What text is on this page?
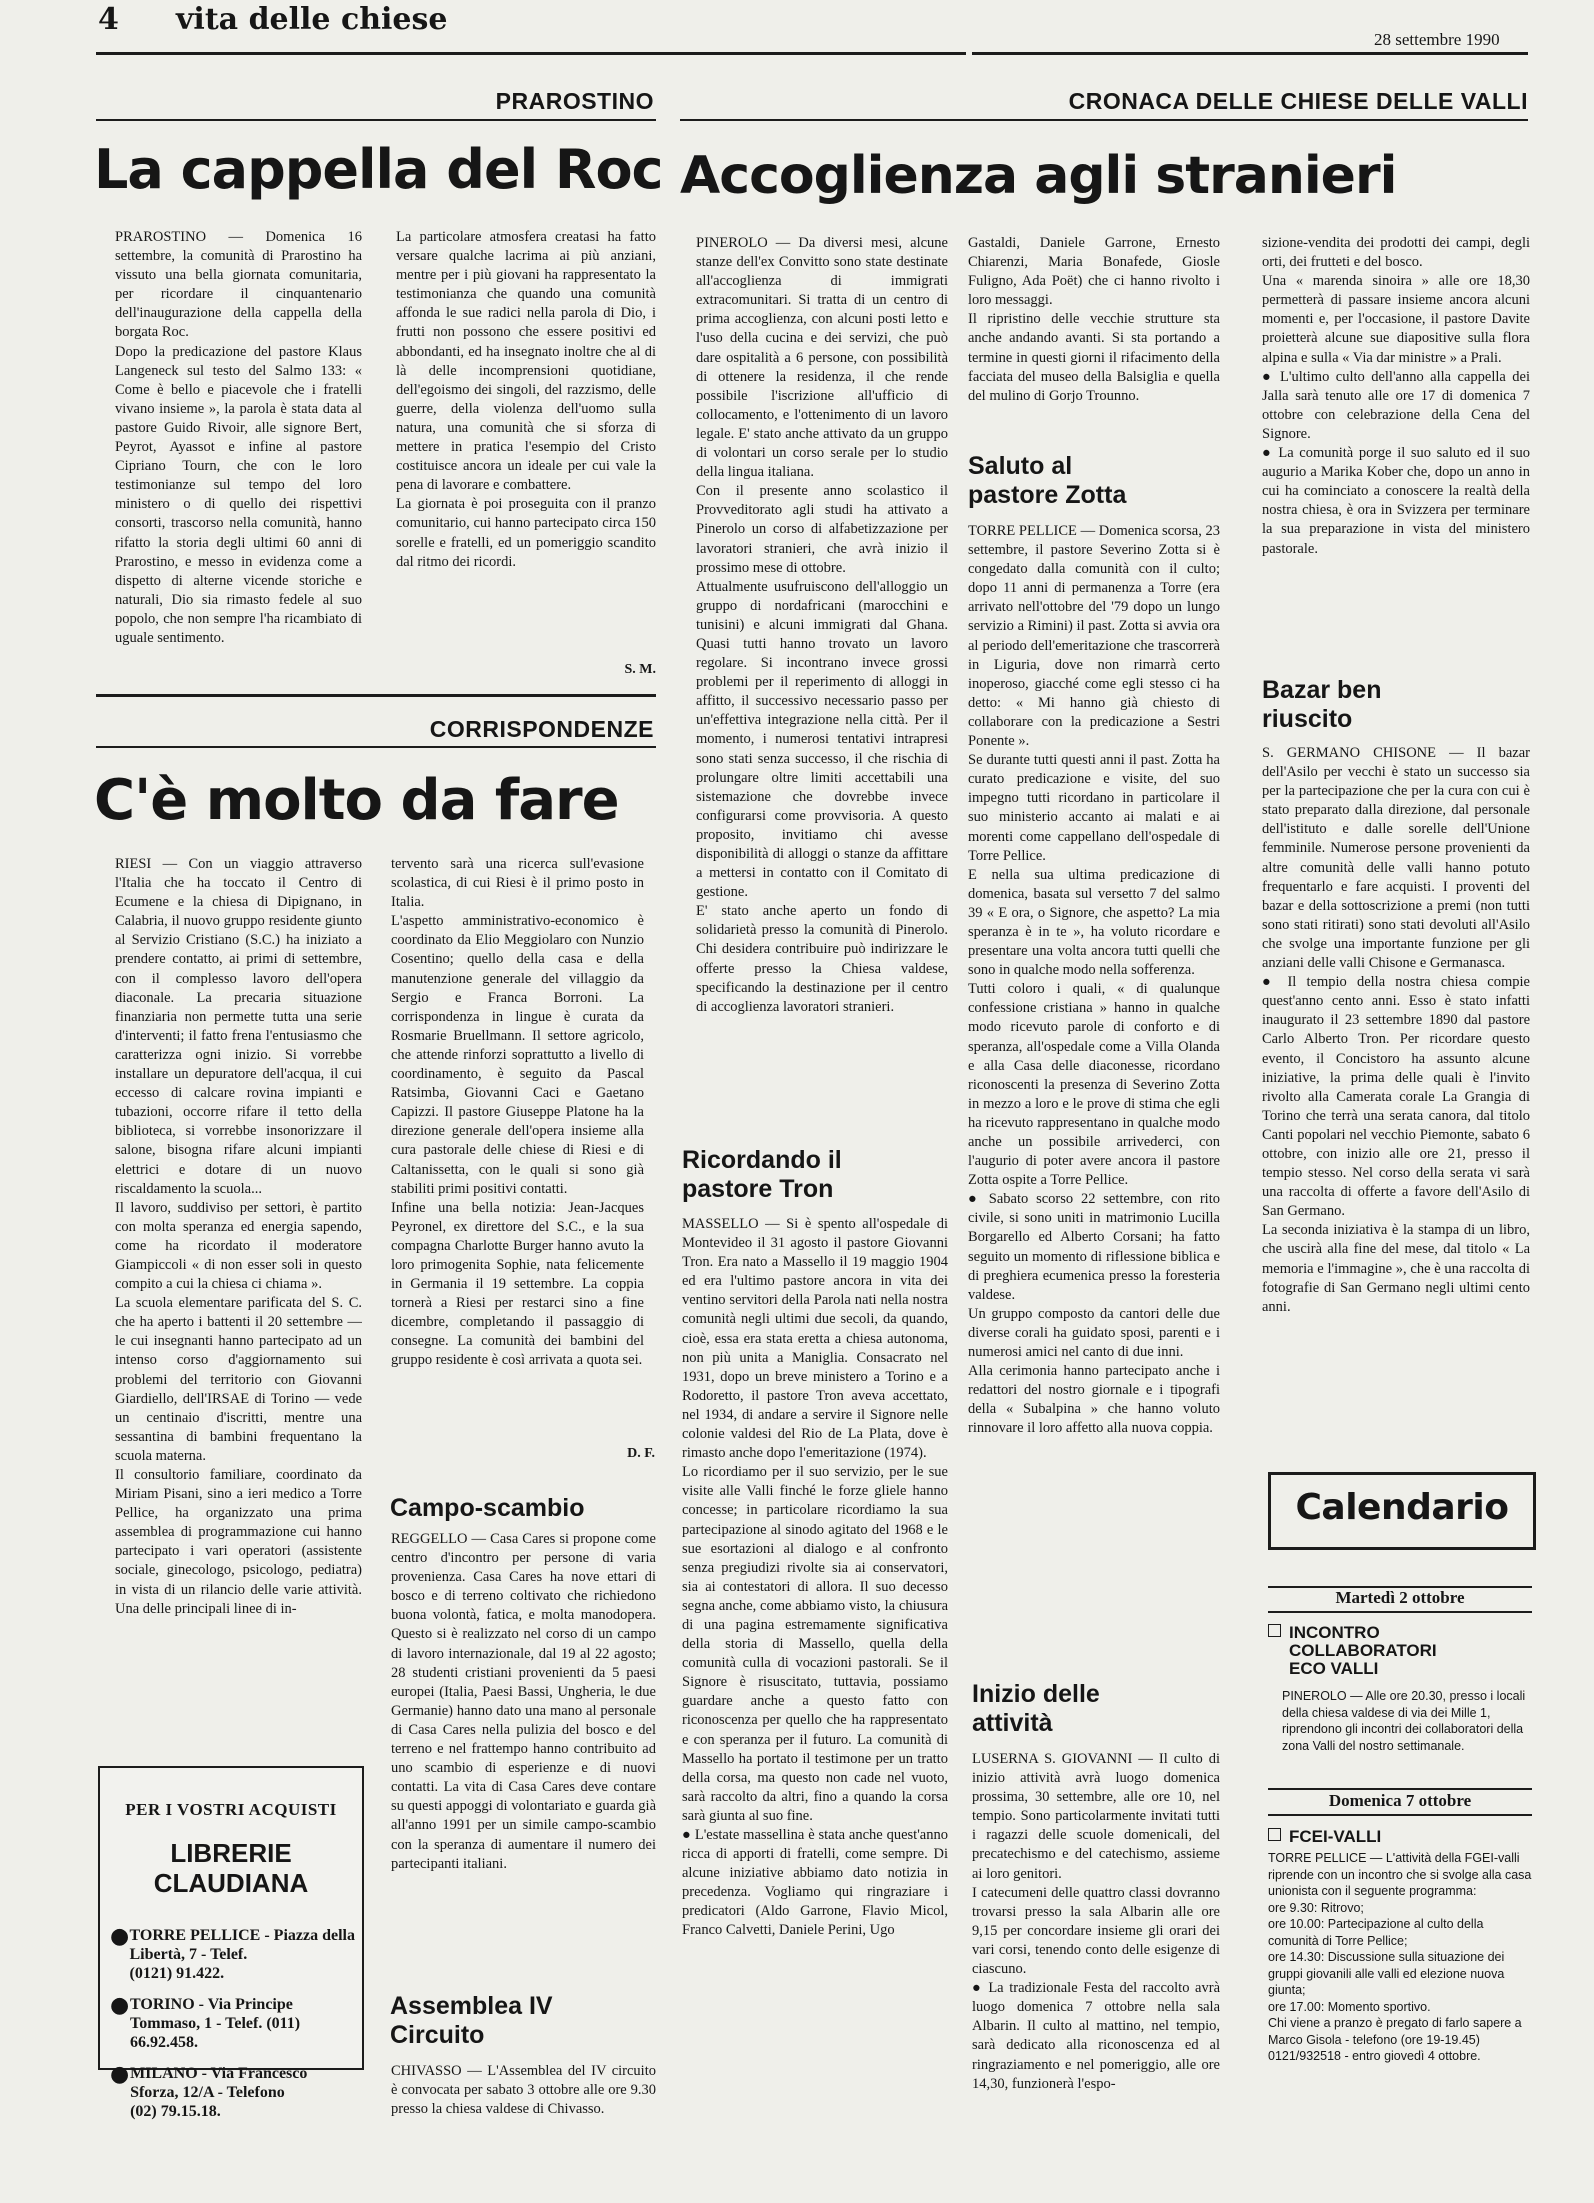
4 vita delle chiese
28 settembre 1990
PRAROSTINO	CRONACA DELLE CHIESE DELLE VALLI
La cappella del Roc
PRAROSTINO — Domenica 16 settembre, la comunità di Prarostino ha vissuto una bella giornata comunitaria, per ricordare il cinquantenario dell'inaugurazione della cappella della borgata Roc.
Dopo la predicazione del pastore Klaus Langeneck sul testo del Salmo 133: « Come è bello e piacevole che i fratelli vivano insieme », la parola è stata data al pastore Guido Rivoir, alle signore Bert, Peyrot, Ayassot e infine al pastore Cipriano Tourn, che con le loro testimonianze sul tempo del loro ministero o di quello dei rispettivi consorti, trascorso nella comunità, hanno rifatto la storia degli ultimi 60 anni di Prarostino, e messo in evidenza come a dispetto di alterne vicende storiche e naturali, Dio sia rimasto fedele al suo popolo, che non sempre l'ha ricambiato di uguale sentimento.
La particolare atmosfera creatasi ha fatto versare qualche lacrima ai più anziani, mentre per i più giovani ha rappresentato la testimonianza che quando una comunità affonda le sue radici nella parola di Dio, i frutti non possono che essere positivi ed abbondanti, ed ha insegnato inoltre che al di là delle incomprensioni quotidiane, dell'egoismo dei singoli, del razzismo, delle guerre, della violenza dell'uomo sulla natura, una comunità che si sforza di mettere in pratica l'esempio del Cristo costituisce ancora un ideale per cui vale la pena di lavorare e combattere.
La giornata è poi proseguita con il pranzo comunitario, cui hanno partecipato circa 150 sorelle e fratelli, ed un pomeriggio scandito dal ritmo dei ricordi.
S. M.
CORRISPONDENZE
C'è molto da fare
RIESI — Con un viaggio attraverso l'Italia che ha toccato il Centro di Ecumene e la chiesa di Dipignano, in Calabria, il nuovo gruppo residente giunto al Servizio Cristiano (S.C.) ha iniziato a prendere contatto, ai primi di settembre, con il complesso lavoro dell'opera diaconale. La precaria situazione finanziaria non permette tutta una serie d'interventi; il fatto frena l'entusiasmo che caratterizza ogni inizio. Si vorrebbe installare un depuratore dell'acqua, il cui eccesso di calcare rovina impianti e tubazioni, occorre rifare il tetto della biblioteca, si vorrebbe insonorizzare il salone, bisogna rifare alcuni impianti elettrici e dotare di un nuovo riscaldamento la scuola...
Il lavoro, suddiviso per settori, è partito con molta speranza ed energia sapendo, come ha ricordato il moderatore Giampiccoli « di non esser soli in questo compito a cui la chiesa ci chiama ».
La scuola elementare parificata del S. C. che ha aperto i battenti il 20 settembre — le cui insegnanti hanno partecipato ad un intenso corso d'aggiornamento sui problemi del territorio con Giovanni Giardiello, dell'IRSAE di Torino — vede un centinaio d'iscritti, mentre una sessantina di bambini frequentano la scuola materna.
Il consultorio familiare, coordinato da Miriam Pisani, sino a ieri medico a Torre Pellice, ha organizzato una prima assemblea di programmazione cui hanno partecipato i vari operatori (assistente sociale, ginecologo, psicologo, pediatra) in vista di un rilancio delle varie attività. Una delle principali linee di in-
tervento sarà una ricerca sull'evasione scolastica, di cui Riesi è il primo posto in Italia.
L'aspetto amministrativo-economico è coordinato da Elio Meggiolaro con Nunzio Cosentino; quello della casa e della manutenzione generale del villaggio da Sergio e Franca Borroni. La corrispondenza in lingue è curata da Rosmarie Bruellmann. Il settore agricolo, che attende rinforzi soprattutto a livello di coordinamento, è seguito da Pascal Ratsimba, Giovanni Caci e Gaetano Capizzi. Il pastore Giuseppe Platone ha la direzione generale dell'opera insieme alla cura pastorale delle chiese di Riesi e di Caltanissetta, con le quali si sono già stabiliti primi positivi contatti.
Infine una bella notizia: Jean-Jacques Peyronel, ex direttore del S.C., e la sua compagna Charlotte Burger hanno avuto la loro primogenita Sophie, nata felicemente in Germania il 19 settembre. La coppia tornerà a Riesi per restarci sino a fine dicembre, completando il passaggio di consegne. La comunità dei bambini del gruppo residente è così arrivata a quota sei.
D. F.
PER I VOSTRI ACQUISTI
LIBRERIE
CLAUDIANA
● TORRE PELLICE - Piazza della Libertà, 7 - Telef.
(0121) 91.422.
● TORINO - Via Principe Tommaso, 1 - Telef. (011)
66.92.458.
● MILANO - Via Francesco Sforza, 12/A - Telefono
(02) 79.15.18.
Campo-scambio
REGGELLO — Casa Cares si propone come centro d'incontro per persone di varia provenienza. Casa Cares ha nove ettari di bosco e di terreno coltivato che richiedono buona volontà, fatica, e molta manodopera. Questo si è realizzato nel corso di un campo di lavoro internazionale, dal 19 al 22 agosto; 28 studenti cristiani provenienti da 5 paesi europei (Italia, Paesi Bassi, Ungheria, le due Germanie) hanno dato una mano al personale di Casa Cares nella pulizia del bosco e del terreno e nel frattempo hanno contribuito ad uno scambio di esperienze e di nuovi contatti. La vita di Casa Cares deve contare su questi appoggi di volontariato e guarda già all'anno 1991 per un simile campo-scambio con la speranza di aumentare il numero dei partecipanti italiani.
Assemblea IV Circuito
CHIVASSO — L'Assemblea del IV circuito è convocata per sabato 3 ottobre alle ore 9.30 presso la chiesa valdese di Chivasso.
Accoglienza agli stranieri
PINEROLO — Da diversi mesi, alcune stanze dell'ex Convitto sono state destinate all'accoglienza di immigrati extracomunitari. Si tratta di un centro di prima accoglienza, con alcuni posti letto e l'uso della cucina e dei servizi, che può dare ospitalità a 6 persone, con possibilità di ottenere la residenza, il che rende possibile l'iscrizione all'ufficio di collocamento, e l'ottenimento di un lavoro legale. E' stato anche attivato da un gruppo di volontari un corso serale per lo studio della lingua italiana.
Con il presente anno scolastico il Provveditorato agli studi ha attivato a Pinerolo un corso di alfabetizzazione per lavoratori stranieri, che avrà inizio il prossimo mese di ottobre.
Attualmente usufruiscono dell'alloggio un gruppo di nordafricani (marocchini e tunisini) e alcuni immigrati dal Ghana. Quasi tutti hanno trovato un lavoro regolare. Si incontrano invece grossi problemi per il reperimento di alloggi in affitto, il successivo necessario passo per un'effettiva integrazione nella città. Per il momento, i numerosi tentativi intrapresi sono stati senza successo, il che rischia di prolungare oltre limiti accettabili una sistemazione che dovrebbe invece configurarsi come provvisoria. A questo proposito, invitiamo chi avesse disponibilità di alloggi o stanze da affittare a mettersi in contatto con il Comitato di gestione.
E' stato anche aperto un fondo di solidarietà presso la comunità di Pinerolo. Chi desidera contribuire può indirizzare le offerte presso la Chiesa valdese, specificando la destinazione per il centro di accoglienza lavoratori stranieri.
Ricordando il pastore Tron
MASSELLO — Si è spento all'ospedale di Montevideo il 31 agosto il pastore Giovanni Tron. Era nato a Massello il 19 maggio 1904 ed era l'ultimo pastore ancora in vita dei ventino servitori della Parola nati nella nostra comunità negli ultimi due secoli, da quando, cioè, essa era stata eretta a chiesa autonoma, non più unita a Maniglia. Consacrato nel 1931, dopo un breve ministero a Torino e a Rodoretto, il pastore Tron aveva accettato, nel 1934, di andare a servire il Signore nelle colonie valdesi del Rio de La Plata, dove è rimasto anche dopo l'emeritazione (1974).
Lo ricordiamo per il suo servizio, per le sue visite alle Valli finché le forze gliele hanno concesse; in particolare ricordiamo la sua partecipazione al sinodo agitato del 1968 e le sue esortazioni al dialogo e al confronto senza pregiudizi rivolte sia ai conservatori, sia ai contestatori di allora. Il suo decesso segna anche, come abbiamo visto, la chiusura di una pagina estremamente significativa della storia di Massello, quella della comunità culla di vocazioni pastorali. Se il Signore è risuscitato, tuttavia, possiamo guardare anche a questo fatto con riconoscenza per quello che ha rappresentato e con speranza per il futuro. La comunità di Massello ha portato il testimone per un tratto della corsa, ma questo non cade nel vuoto, sarà raccolto da altri, fino a quando la corsa sarà giunta al suo fine.
● L'estate massellina è stata anche quest'anno ricca di apporti di fratelli, come sempre. Di alcune iniziative abbiamo dato notizia in precedenza. Vogliamo qui ringraziare i predicatori (Aldo Garrone, Flavio Micol, Franco Calvetti, Daniele Perini, Ugo
Gastaldi, Daniele Garrone, Ernesto Chiarenzi, Maria Bonafede, Giosle Fuligno, Ada Poët) che ci hanno rivolto i loro messaggi.
Il ripristino delle vecchie strutture sta anche andando avanti. Si sta portando a termine in questi giorni il rifacimento della facciata del museo della Balsiglia e quella del mulino di Gorjo Trounno.
Saluto al pastore Zotta
TORRE PELLICE — Domenica scorsa, 23 settembre, il pastore Severino Zotta si è congedato dalla comunità con il culto; dopo 11 anni di permanenza a Torre (era arrivato nell'ottobre del '79 dopo un lungo servizio a Rimini) il past. Zotta si avvia ora al periodo dell'emeritazione che trascorrerà in Liguria, dove non rimarrà certo inoperoso, giacché come egli stesso ci ha detto: « Mi hanno già chiesto di collaborare con la predicazione a Sestri Ponente ».
Se durante tutti questi anni il past. Zotta ha curato predicazione e visite, del suo impegno tutti ricordano in particolare il suo ministerio accanto ai malati e ai morenti come cappellano dell'ospedale di Torre Pellice.
E nella sua ultima predicazione di domenica, basata sul versetto 7 del salmo 39 « E ora, o Signore, che aspetto? La mia speranza è in te », ha voluto ricordare e presentare una volta ancora tutti quelli che sono in qualche modo nella sofferenza.
Tutti coloro i quali, « di qualunque confessione cristiana » hanno in qualche modo ricevuto parole di conforto e di speranza, all'ospedale come a Villa Olanda e alla Casa delle diaconesse, ricordano riconoscenti la presenza di Severino Zotta in mezzo a loro e le prove di stima che egli ha ricevuto rappresentano in qualche modo anche un possibile arrivederci, con l'augurio di poter avere ancora il pastore Zotta ospite a Torre Pellice.
● Sabato scorso 22 settembre, con rito civile, si sono uniti in matrimonio Lucilla Borgarello ed Alberto Corsani; ha fatto seguito un momento di riflessione biblica e di preghiera ecumenica presso la foresteria valdese.
Un gruppo composto da cantori delle due diverse corali ha guidato sposi, parenti e i numerosi amici nel canto di due inni.
Alla cerimonia hanno partecipato anche i redattori del nostro giornale e i tipografi della « Subalpina » che hanno voluto rinnovare il loro affetto alla nuova coppia.
Inizio delle attività
LUSERNA S. GIOVANNI — Il culto di inizio attività avrà luogo domenica prossima, 30 settembre, alle ore 10, nel tempio. Sono particolarmente invitati tutti i ragazzi delle scuole domenicali, del precatechismo e del catechismo, assieme ai loro genitori.
I catecumeni delle quattro classi dovranno trovarsi presso la sala Albarin alle ore 9,15 per concordare insieme gli orari dei vari corsi, tenendo conto delle esigenze di ciascuno.
● La tradizionale Festa del raccolto avrà luogo domenica 7 ottobre nella sala Albarin. Il culto al mattino, nel tempio, sarà dedicato alla riconoscenza ed al ringraziamento e nel pomeriggio, alle ore 14,30, funzionerà l'espo-
sizione-vendita dei prodotti dei campi, degli orti, dei frutteti e del bosco.
Una « marenda sinoira » alle ore 18,30 permetterà di passare insieme ancora alcuni momenti e, per l'occasione, il pastore Davite proietterà alcune sue diapositive sulla flora alpina e sulla « Via dar ministre » a Prali.
● L'ultimo culto dell'anno alla cappella dei Jalla sarà tenuto alle ore 17 di domenica 7 ottobre con celebrazione della Cena del Signore.
● La comunità porge il suo saluto ed il suo augurio a Marika Kober che, dopo un anno in cui ha cominciato a conoscere la realtà della nostra chiesa, è ora in Svizzera per terminare la sua preparazione in vista del ministero pastorale.
Bazar ben riuscito
S. GERMANO CHISONE — Il bazar dell'Asilo per vecchi è stato un successo sia per la partecipazione che per la cura con cui è stato preparato dalla direzione, dal personale dell'istituto e dalle sorelle dell'Unione femminile. Numerose persone provenienti da altre comunità delle valli hanno potuto frequentarlo e fare acquisti. I proventi del bazar e della sottoscrizione a premi (non tutti sono stati ritirati) sono stati devoluti all'Asilo che svolge una importante funzione per gli anziani delle valli Chisone e Germanasca.
● Il tempio della nostra chiesa compie quest'anno cento anni. Esso è stato infatti inaugurato il 23 settembre 1890 dal pastore Carlo Alberto Tron. Per ricordare questo evento, il Concistoro ha assunto alcune iniziative, la prima delle quali è l'invito rivolto alla Camerata corale La Grangia di Torino che terrà una serata canora, dal titolo Canti popolari nel vecchio Piemonte, sabato 6 ottobre, con inizio alle ore 21, presso il tempio stesso. Nel corso della serata vi sarà una raccolta di offerte a favore dell'Asilo di San Germano.
La seconda iniziativa è la stampa di un libro, che uscirà alla fine del mese, dal titolo « La memoria e l'immagine », che è una raccolta di fotografie di San Germano negli ultimi cento anni.
Calendario
Martedì 2 ottobre
INCONTRO
COLLABORATORI
ECO VALLI
PINEROLO — Alle ore 20.30, presso i locali della chiesa valdese di via dei Mille 1, riprendono gli incontri dei collaboratori della zona Valli del nostro settimanale.
Domenica 7 ottobre
FCEI-VALLI
TORRE PELLICE — L'attività della FGEI-valli riprende con un incontro che si svolge alla casa unionista con il seguente programma:
ore 9.30: Ritrovo;
ore 10.00: Partecipazione al culto della comunità di Torre Pellice;
ore 14.30: Discussione sulla situazione dei gruppi giovanili alle valli ed elezione nuova giunta;
ore 17.00: Momento sportivo.
Chi viene a pranzo è pregato di farlo sapere a Marco Gisola - telefono (ore 19-19.45) 0121/932518 - entro giovedì 4 ottobre.
